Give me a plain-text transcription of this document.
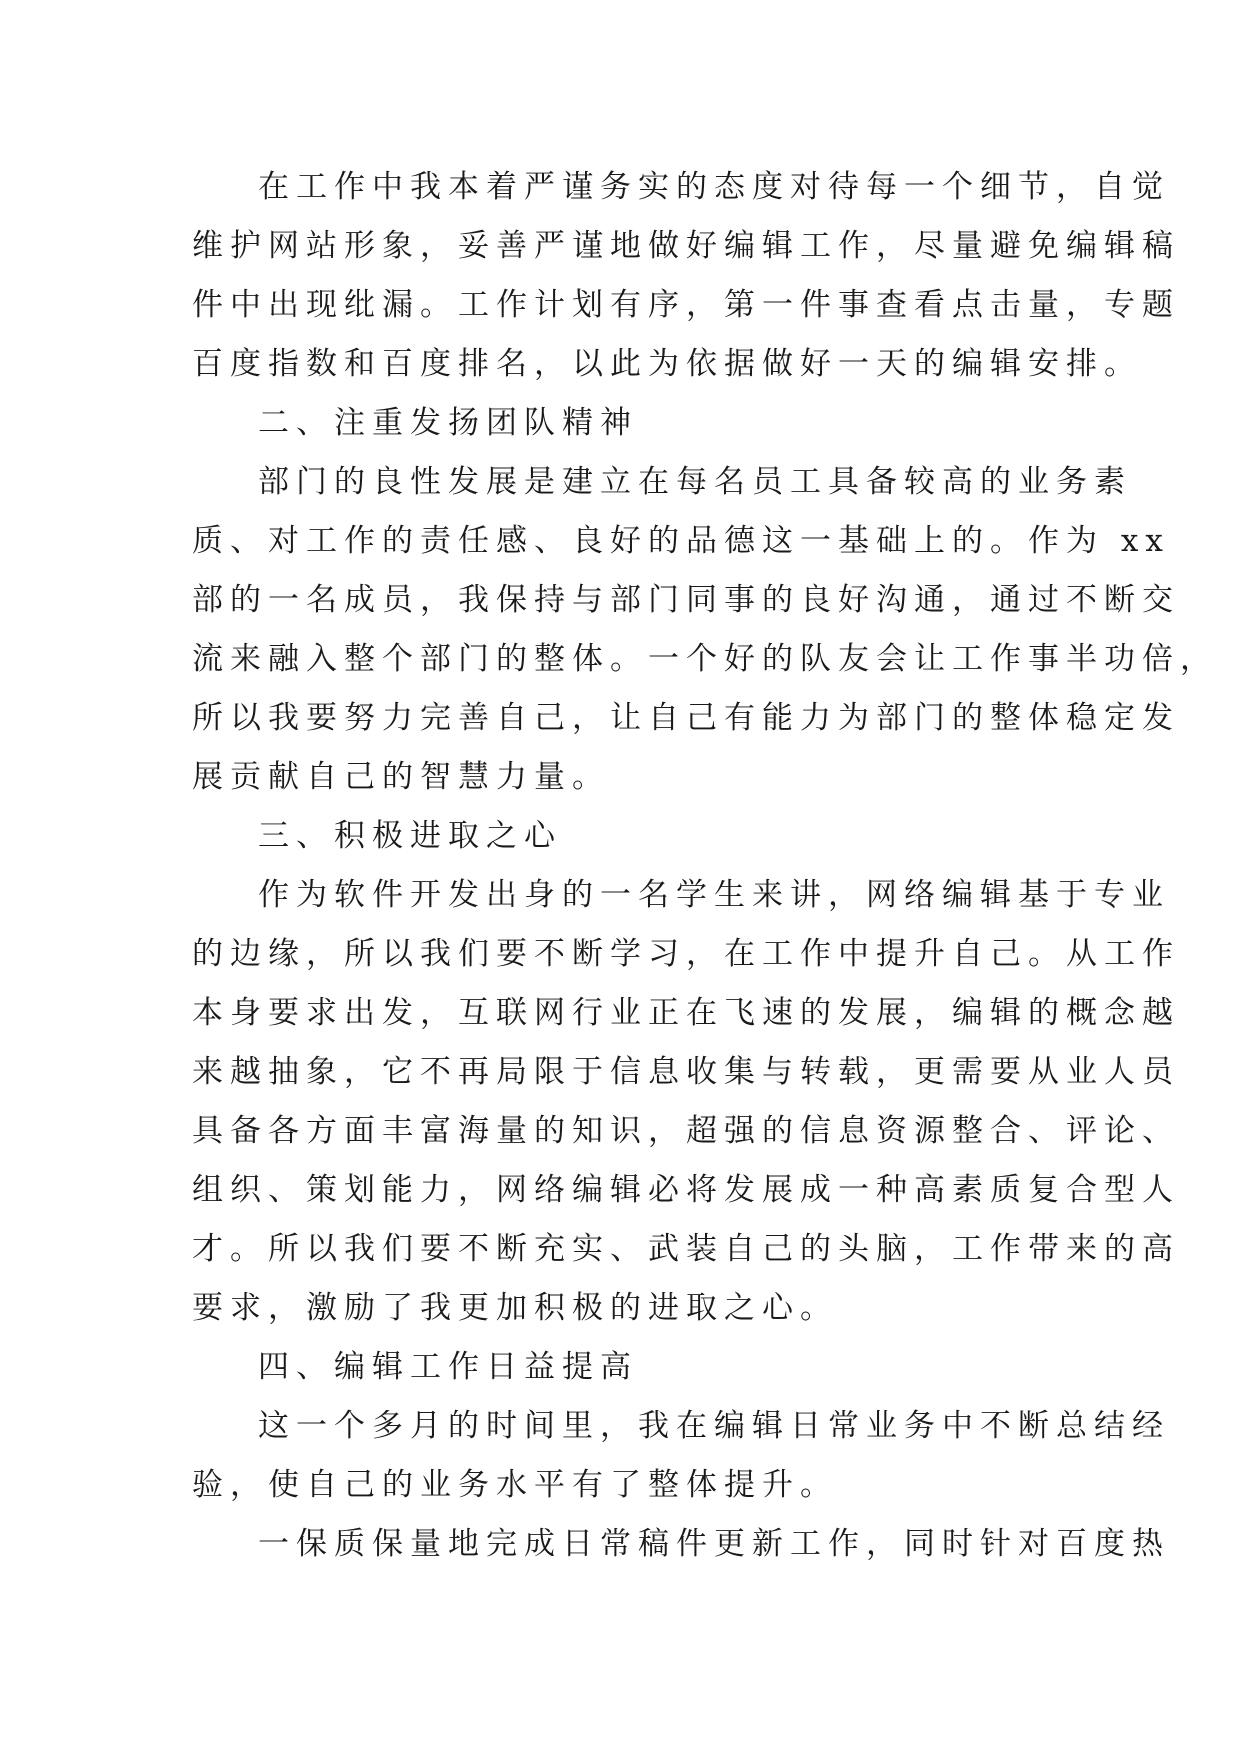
在工作中我本着严谨务实的态度对待每一个细节，自觉
维护网站形象，妥善严谨地做好编辑工作，尽量避免编辑稿
件中出现纰漏。工作计划有序，第一件事查看点击量，专题
百度指数和百度排名，以此为依据做好一天的编辑安排。
二、注重发扬团队精神
部门的良性发展是建立在每名员工具备较高的业务素
质、对工作的责任感、良好的品德这一基础上的。作为 xx
部的一名成员，我保持与部门同事的良好沟通，通过不断交
流来融入整个部门的整体。一个好的队友会让工作事半功倍，
所以我要努力完善自己，让自己有能力为部门的整体稳定发
展贡献自己的智慧力量。
三、积极进取之心
作为软件开发出身的一名学生来讲，网络编辑基于专业
的边缘，所以我们要不断学习，在工作中提升自己。从工作
本身要求出发，互联网行业正在飞速的发展，编辑的概念越
来越抽象，它不再局限于信息收集与转载，更需要从业人员
具备各方面丰富海量的知识，超强的信息资源整合、评论、
组织、策划能力，网络编辑必将发展成一种高素质复合型人
才。所以我们要不断充实、武装自己的头脑，工作带来的高
要求，激励了我更加积极的进取之心。
四、编辑工作日益提高
这一个多月的时间里，我在编辑日常业务中不断总结经
验，使自己的业务水平有了整体提升。
一保质保量地完成日常稿件更新工作，同时针对百度热
